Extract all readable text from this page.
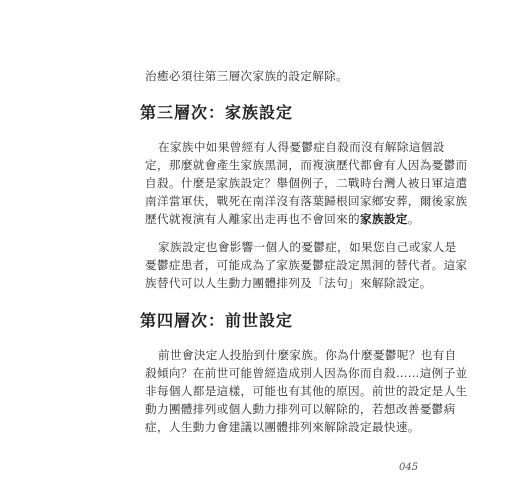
治癒必須往第三層次家族的設定解除。
第三層次：家族設定
在家族中如果曾經有人得憂鬱症自殺而沒有解除這個設
定，那麼就會產生家族黑洞，而複演歷代都會有人因為憂鬱而
自殺。什麼是家族設定？舉個例子，二戰時台灣人被日軍這遣
南洋當軍伕，戰死在南洋沒有落葉歸根回家鄉安葬，爾後家族
歷代就複演有人離家出走再也不會回來的家族設定。
家族設定也會影響一個人的憂鬱症，如果您自己或家人是
憂鬱症患者，可能成為了家族憂鬱症設定黑洞的替代者。這家
族替代可以人生動力團體排列及「法句」來解除設定。
第四層次：前世設定
前世會決定人投胎到什麼家族。你為什麼憂鬱呢？也有自
殺傾向？在前世可能曾經造成別人因為你而自殺……這例子並
非每個人都是這樣，可能也有其他的原因。前世的設定是人生
動力團體排列或個人動力排列可以解除的，若想改善憂鬱病
症，人生動力會建議以團體排列來解除設定最快速。
045
